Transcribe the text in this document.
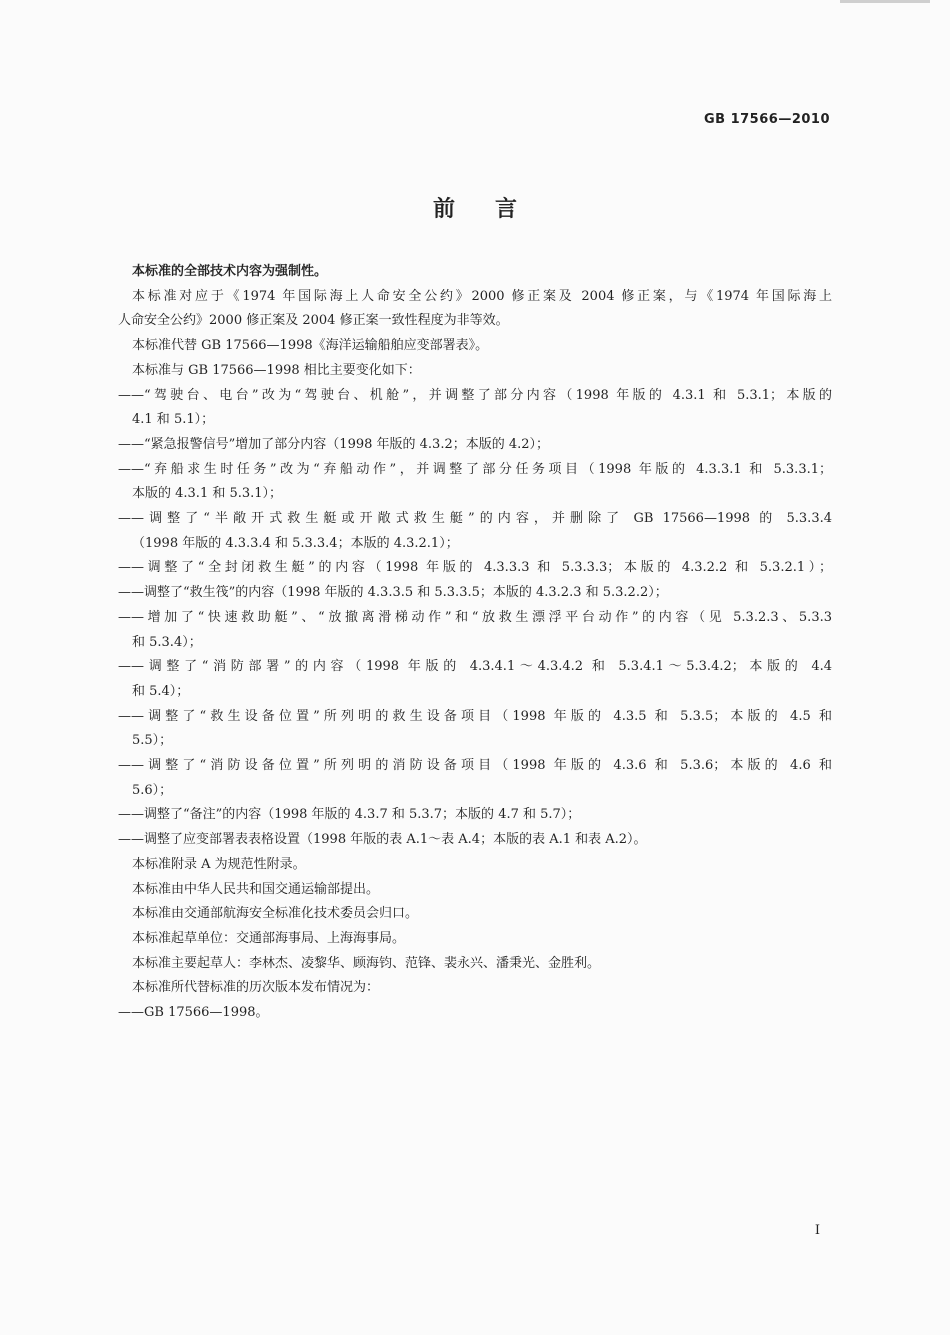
GB 17566—2010
前言
本标准的全部技术内容为强制性。
本标准对应于《1974 年国际海上人命安全公约》2000 修正案及 2004 修正案，与《1974 年国际海上
人命安全公约》2000 修正案及 2004 修正案一致性程度为非等效。
本标准代替 GB 17566—1998《海洋运输船舶应变部署表》。
本标准与 GB 17566—1998 相比主要变化如下：
——“驾驶台、电台”改为“驾驶台、机舱”，并调整了部分内容（1998 年版的 4.3.1 和 5.3.1；本版的
4.1 和 5.1）；
——“紧急报警信号”增加了部分内容（1998 年版的 4.3.2；本版的 4.2）；
——“弃船求生时任务”改为“弃船动作”，并调整了部分任务项目（1998 年版的 4.3.3.1 和 5.3.3.1；
本版的 4.3.1 和 5.3.1）；
——调整了“半敞开式救生艇或开敞式救生艇”的内容，并删除了 GB 17566—1998 的 5.3.3.4
（1998 年版的 4.3.3.4 和 5.3.3.4；本版的 4.3.2.1）；
——调整了“全封闭救生艇”的内容（1998 年版的 4.3.3.3 和 5.3.3.3；本版的 4.3.2.2 和 5.3.2.1）；
——调整了“救生筏”的内容（1998 年版的 4.3.3.5 和 5.3.3.5；本版的 4.3.2.3 和 5.3.2.2）；
——增加了“快速救助艇”、“放撤离滑梯动作”和“放救生漂浮平台动作”的内容（见 5.3.2.3、5.3.3
和 5.3.4）；
——调整了“消防部署”的内容（1998 年版的 4.3.4.1～4.3.4.2 和 5.3.4.1～5.3.4.2；本版的 4.4
和 5.4）；
——调整了“救生设备位置”所列明的救生设备项目（1998 年版的 4.3.5 和 5.3.5；本版的 4.5 和
5.5）；
——调整了“消防设备位置”所列明的消防设备项目（1998 年版的 4.3.6 和 5.3.6；本版的 4.6 和
5.6）；
——调整了“备注”的内容（1998 年版的 4.3.7 和 5.3.7；本版的 4.7 和 5.7）；
——调整了应变部署表表格设置（1998 年版的表 A.1～表 A.4；本版的表 A.1 和表 A.2）。
本标准附录 A 为规范性附录。
本标准由中华人民共和国交通运输部提出。
本标准由交通部航海安全标准化技术委员会归口。
本标准起草单位：交通部海事局、上海海事局。
本标准主要起草人：李林杰、凌黎华、顾海钧、范锋、裴永兴、潘秉光、金胜利。
本标准所代替标准的历次版本发布情况为：
——GB 17566—1998。
I
